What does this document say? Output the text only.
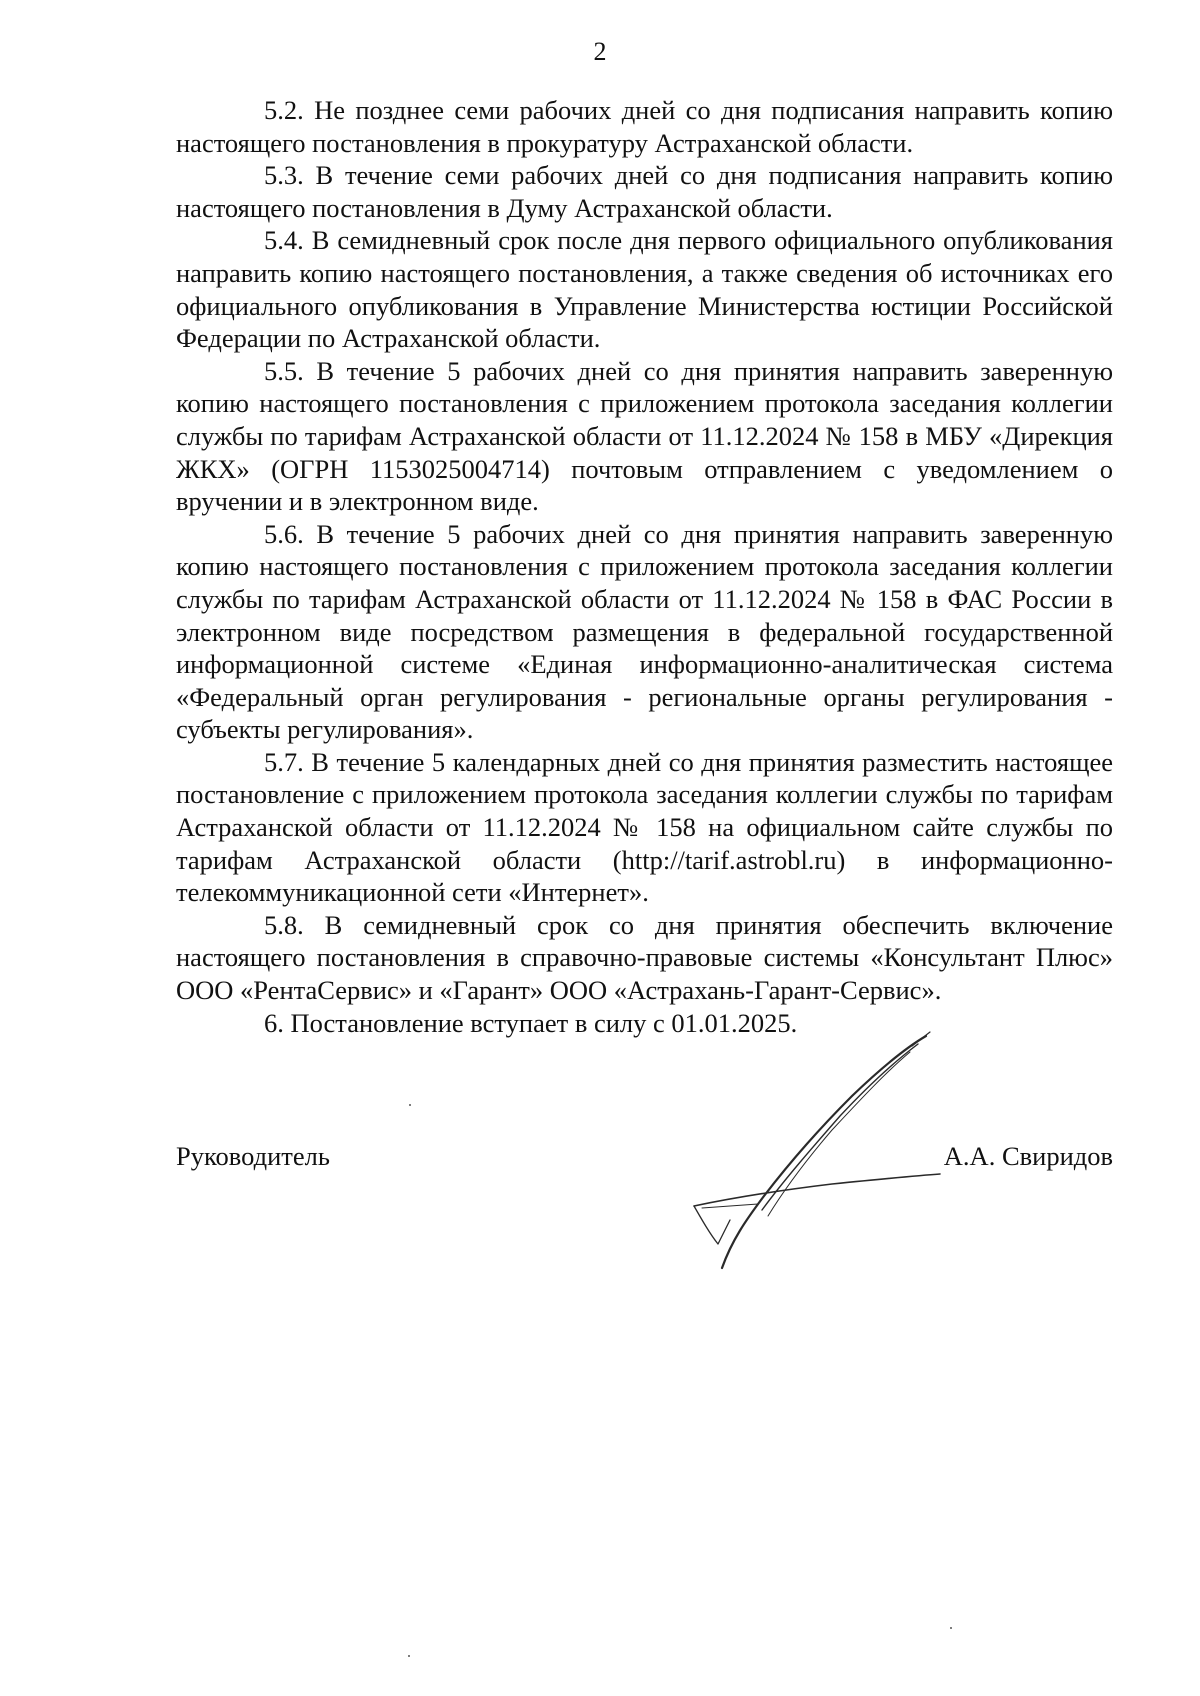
2

5.2. Не позднее семи рабочих дней со дня подписания направить копию настоящего постановления в прокуратуру Астраханской области.

5.3. В течение семи рабочих дней со дня подписания направить копию настоящего постановления в Думу Астраханской области.

5.4. В семидневный срок после дня первого официального опубликования направить копию настоящего постановления, а также сведения об источниках его официального опубликования в Управление Министерства юстиции Российской Федерации по Астраханской области.

5.5. В течение 5 рабочих дней со дня принятия направить заверенную копию настоящего постановления с приложением протокола заседания коллегии службы по тарифам Астраханской области от 11.12.2024 № 158 в МБУ «Дирекция ЖКХ» (ОГРН 1153025004714) почтовым отправлением с уведомлением о вручении и в электронном виде.

5.6. В течение 5 рабочих дней со дня принятия направить заверенную копию настоящего постановления с приложением протокола заседания коллегии службы по тарифам Астраханской области от 11.12.2024 № 158 в ФАС России в электронном виде посредством размещения в федеральной государственной информационной системе «Единая информационно-аналитическая система «Федеральный орган регулирования - региональные органы регулирования - субъекты регулирования».

5.7. В течение 5 календарных дней со дня принятия разместить настоящее постановление с приложением протокола заседания коллегии службы по тарифам Астраханской области от 11.12.2024 № 158 на официальном сайте службы по тарифам Астраханской области (http://tarif.astrobl.ru) в информационно-телекоммуникационной сети «Интернет».

5.8. В семидневный срок со дня принятия обеспечить включение настоящего постановления в справочно-правовые системы «Консультант Плюс» ООО «РентаСервис» и «Гарант» ООО «Астрахань-Гарант-Сервис».

6. Постановление вступает в силу с 01.01.2025.

Руководитель	А.А. Свиридов
